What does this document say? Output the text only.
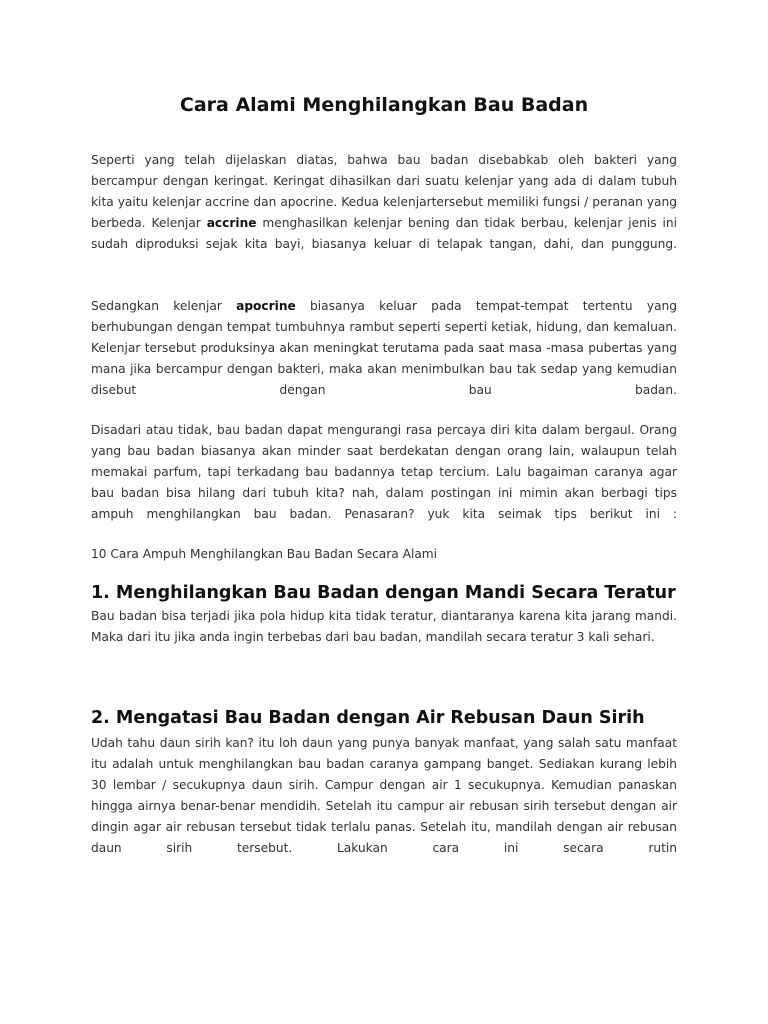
Cara Alami Menghilangkan Bau Badan

Seperti yang telah dijelaskan diatas, bahwa bau badan disebabkab oleh bakteri yang bercampur dengan keringat. Keringat dihasilkan dari suatu kelenjar yang ada di dalam tubuh kita yaitu kelenjar accrine dan apocrine. Kedua kelenjartersebut memiliki fungsi / peranan yang berbeda. Kelenjar accrine menghasilkan kelenjar bening dan tidak berbau, kelenjar jenis ini sudah diproduksi sejak kita bayi, biasanya keluar di telapak tangan, dahi, dan punggung.

Sedangkan kelenjar apocrine biasanya keluar pada tempat-tempat tertentu yang berhubungan dengan tempat tumbuhnya rambut seperti seperti ketiak, hidung, dan kemaluan. Kelenjar tersebut produksinya akan meningkat terutama pada saat masa -masa pubertas yang mana jika bercampur dengan bakteri, maka akan menimbulkan bau tak sedap yang kemudian disebut dengan bau badan.

Disadari atau tidak, bau badan dapat mengurangi rasa percaya diri kita dalam bergaul. Orang yang bau badan biasanya akan minder saat berdekatan dengan orang lain, walaupun telah memakai parfum, tapi terkadang bau badannya tetap tercium. Lalu bagaiman caranya agar bau badan bisa hilang dari tubuh kita? nah, dalam postingan ini mimin akan berbagi tips ampuh menghilangkan bau badan. Penasaran? yuk kita seimak tips berikut ini :

10 Cara Ampuh Menghilangkan Bau Badan Secara Alami

1. Menghilangkan Bau Badan dengan Mandi Secara Teratur

Bau badan bisa terjadi jika pola hidup kita tidak teratur, diantaranya karena kita jarang mandi. Maka dari itu jika anda ingin terbebas dari bau badan, mandilah secara teratur 3 kali sehari.

2. Mengatasi Bau Badan dengan Air Rebusan Daun Sirih

Udah tahu daun sirih kan? itu loh daun yang punya banyak manfaat, yang salah satu manfaat itu adalah untuk menghilangkan bau badan caranya gampang banget. Sediakan kurang lebih 30 lembar / secukupnya daun sirih. Campur dengan air 1 secukupnya. Kemudian panaskan hingga airnya benar-benar mendidih. Setelah itu campur air rebusan sirih tersebut dengan air dingin agar air rebusan tersebut tidak terlalu panas. Setelah itu, mandilah dengan air rebusan daun sirih tersebut. Lakukan cara ini secara rutin
